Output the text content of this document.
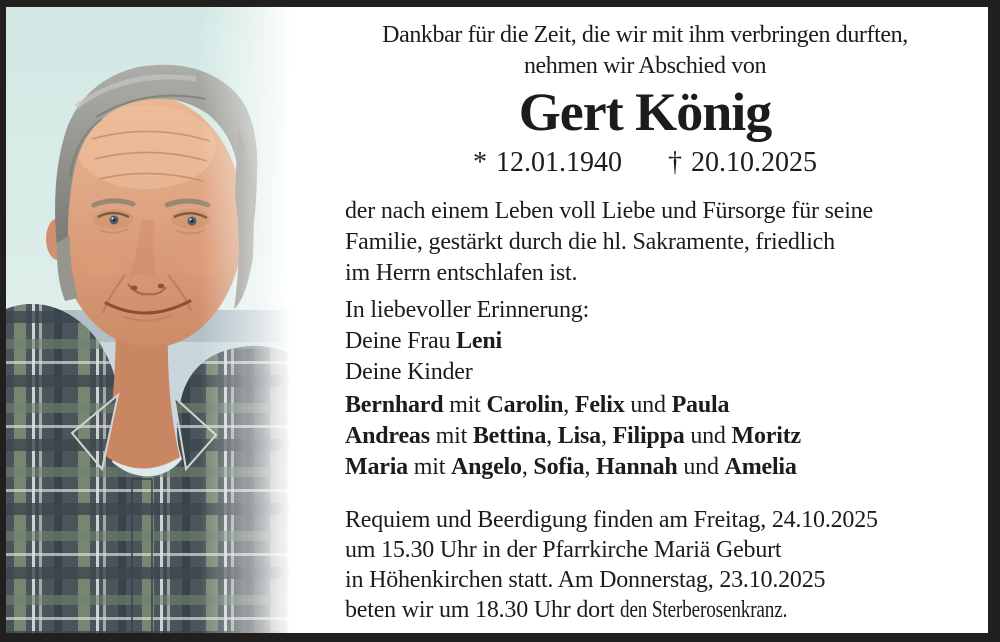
Dankbar für die Zeit, die wir mit ihm verbringen durften,
nehmen wir Abschied von
Gert König
* 12.01.1940 † 20.10.2025
der nach einem Leben voll Liebe und Fürsorge für seine
Familie, gestärkt durch die hl. Sakramente, friedlich
im Herrn entschlafen ist.
In liebevoller Erinnerung:
Deine Frau Leni
Deine Kinder
Bernhard mit Carolin, Felix und Paula
Andreas mit Bettina, Lisa, Filippa und Moritz
Maria mit Angelo, Sofia, Hannah und Amelia
Requiem und Beerdigung finden am Freitag, 24.10.2025
um 15.30 Uhr in der Pfarrkirche Mariä Geburt
in Höhenkirchen statt. Am Donnerstag, 23.10.2025
beten wir um 18.30 Uhr dort den Sterberosenkranz.
